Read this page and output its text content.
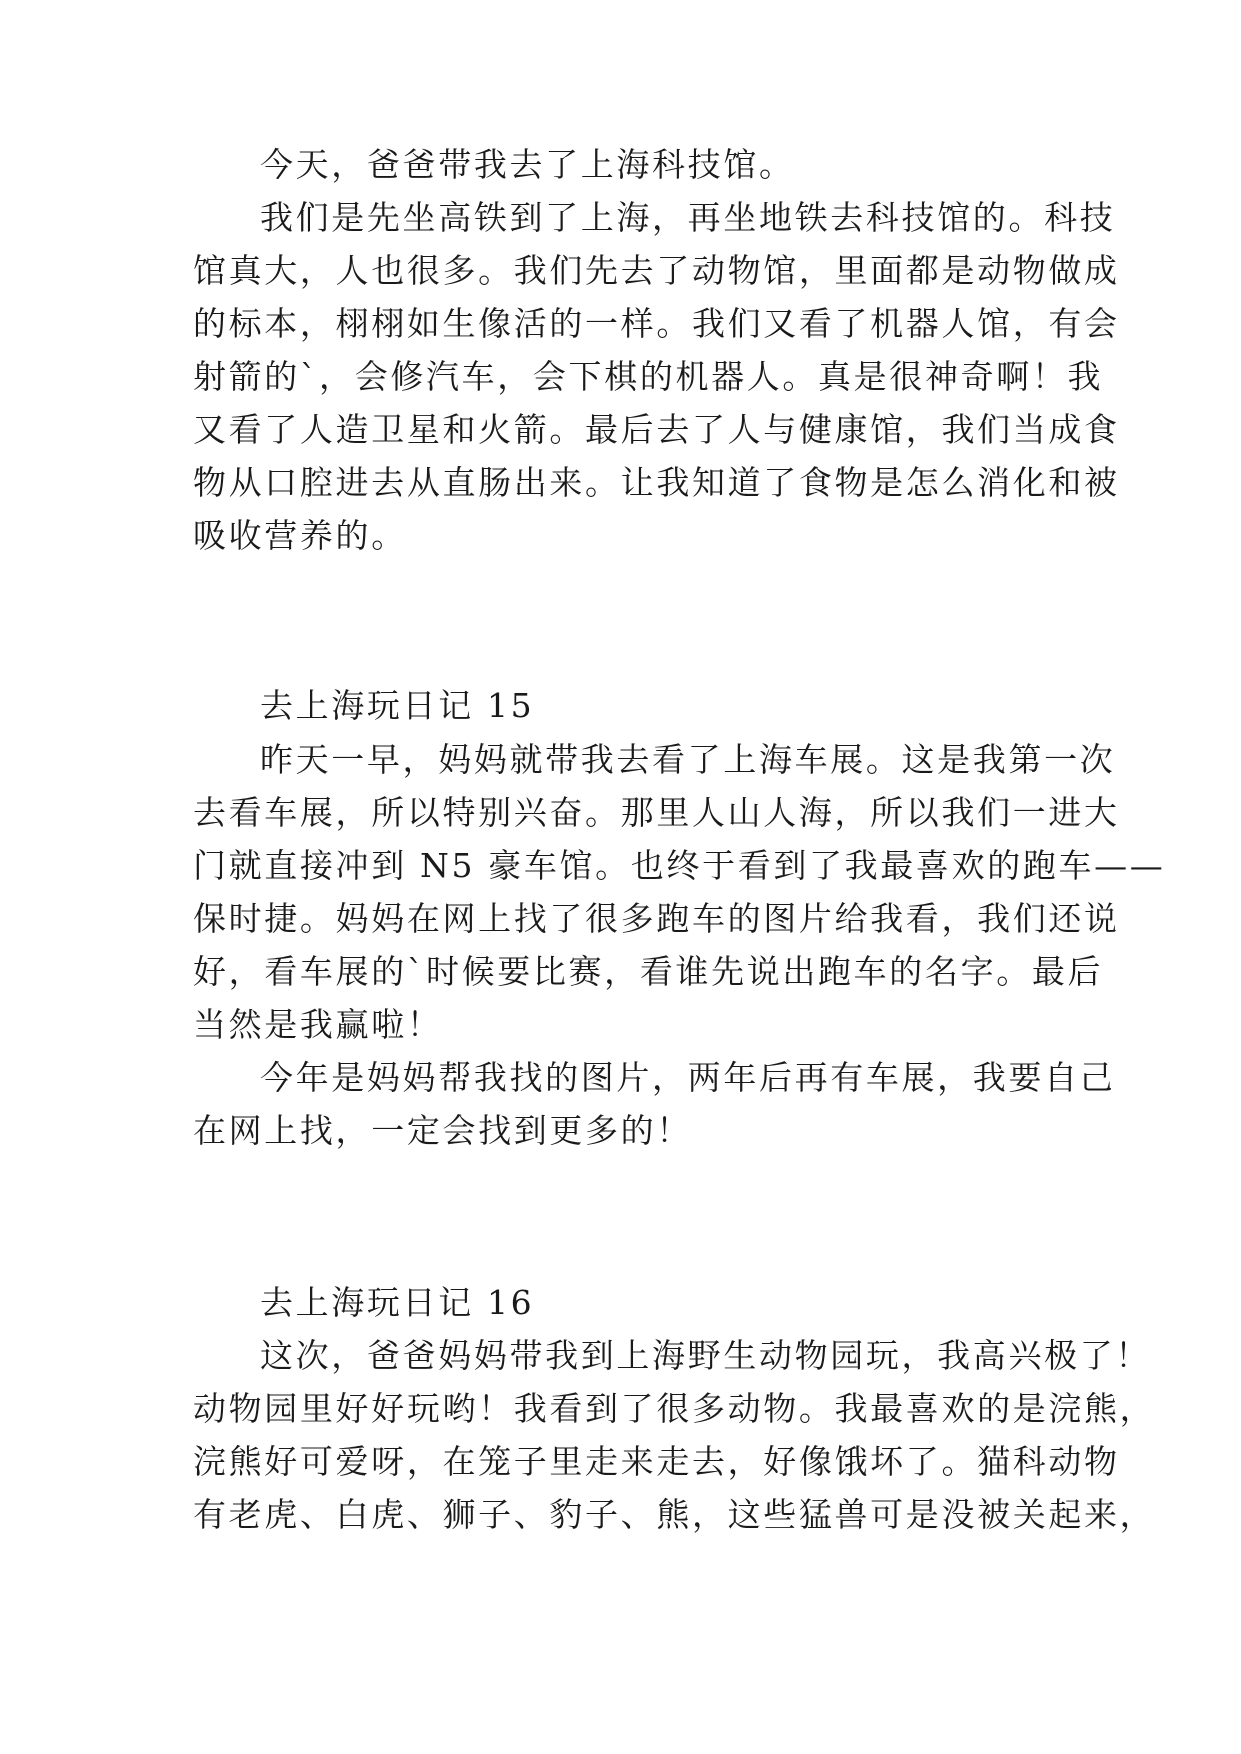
今天，爸爸带我去了上海科技馆。
我们是先坐高铁到了上海，再坐地铁去科技馆的。科技
馆真大，人也很多。我们先去了动物馆，里面都是动物做成
的标本，栩栩如生像活的一样。我们又看了机器人馆，有会
射箭的`，会修汽车，会下棋的机器人。真是很神奇啊！我
又看了人造卫星和火箭。最后去了人与健康馆，我们当成食
物从口腔进去从直肠出来。让我知道了食物是怎么消化和被
吸收营养的。
去上海玩日记 15
昨天一早，妈妈就带我去看了上海车展。这是我第一次
去看车展，所以特别兴奋。那里人山人海，所以我们一进大
门就直接冲到 N5 豪车馆。也终于看到了我最喜欢的跑车——
保时捷。妈妈在网上找了很多跑车的图片给我看，我们还说
好，看车展的`时候要比赛，看谁先说出跑车的名字。最后
当然是我赢啦！
今年是妈妈帮我找的图片，两年后再有车展，我要自己
在网上找，一定会找到更多的！
去上海玩日记 16
这次，爸爸妈妈带我到上海野生动物园玩，我高兴极了！
动物园里好好玩哟！我看到了很多动物。我最喜欢的是浣熊，
浣熊好可爱呀，在笼子里走来走去，好像饿坏了。猫科动物
有老虎、白虎、狮子、豹子、熊，这些猛兽可是没被关起来，
